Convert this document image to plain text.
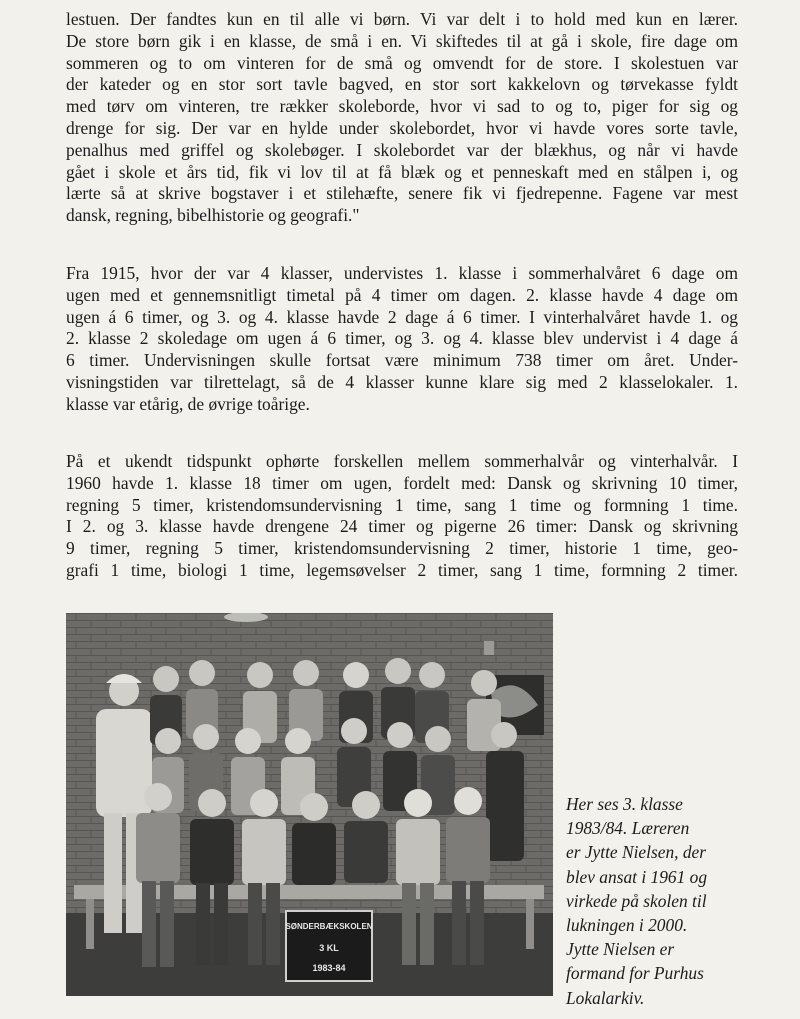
lestuen. Der fandtes kun en til alle vi børn. Vi var delt i to hold med kun en lærer.
De store børn gik i en klasse, de små i en. Vi skiftedes til at gå i skole, fire dage om
sommeren og to om vinteren for de små og omvendt for de store. I skolestuen var
der kateder og en stor sort tavle bagved, en stor sort kakkelovn og tørvekasse fyldt
med tørv om vinteren, tre rækker skoleborde, hvor vi sad to og to, piger for sig og
drenge for sig. Der var en hylde under skolebordet, hvor vi havde vores sorte tavle,
penalhus med griffel og skolebøger. I skolebordet var der blækhus, og når vi havde
gået i skole et års tid, fik vi lov til at få blæk og et penneskaft med en stålpen i, og
lærte så at skrive bogstaver i et stilehæfte, senere fik vi fjedrepenne. Fagene var mest
dansk, regning, bibelhistorie og geografi."
Fra 1915, hvor der var 4 klasser, undervistes 1. klasse i sommerhalvåret 6 dage om
ugen med et gennemsnitligt timetal på 4 timer om dagen. 2. klasse havde 4 dage om
ugen á 6 timer, og 3. og 4. klasse havde 2 dage á 6 timer. I vinterhalvåret havde 1. og
2. klasse 2 skoledage om ugen á 6 timer, og 3. og 4. klasse blev undervist i 4 dage á
6 timer. Undervisningen skulle fortsat være minimum 738 timer om året. Under-
visningstiden var tilrettelagt, så de 4 klasser kunne klare sig med 2 klasselokaler. 1.
klasse var etårig, de øvrige toårige.
På et ukendt tidspunkt ophørte forskellen mellem sommerhalvår og vinterhalvår. I
1960 havde 1. klasse 18 timer om ugen, fordelt med: Dansk og skrivning 10 timer,
regning 5 timer, kristendomsundervisning 1 time, sang 1 time og formning 1 time.
I 2. og 3. klasse havde drengene 24 timer og pigerne 26 timer: Dansk og skrivning
9 timer, regning 5 timer, kristendomsundervisning 2 timer, historie 1 time, geo-
grafi 1 time, biologi 1 time, legemsøvelser 2 timer, sang 1 time, formning 2 timer.
SØNDERBÆKSKOLEN
3 KL
1983-84
Her ses 3. klasse
1983/84. Læreren
er Jytte Nielsen, der
blev ansat i 1961 og
virkede på skolen til
lukningen i 2000.
Jytte Nielsen er
formand for Purhus
Lokalarkiv.
